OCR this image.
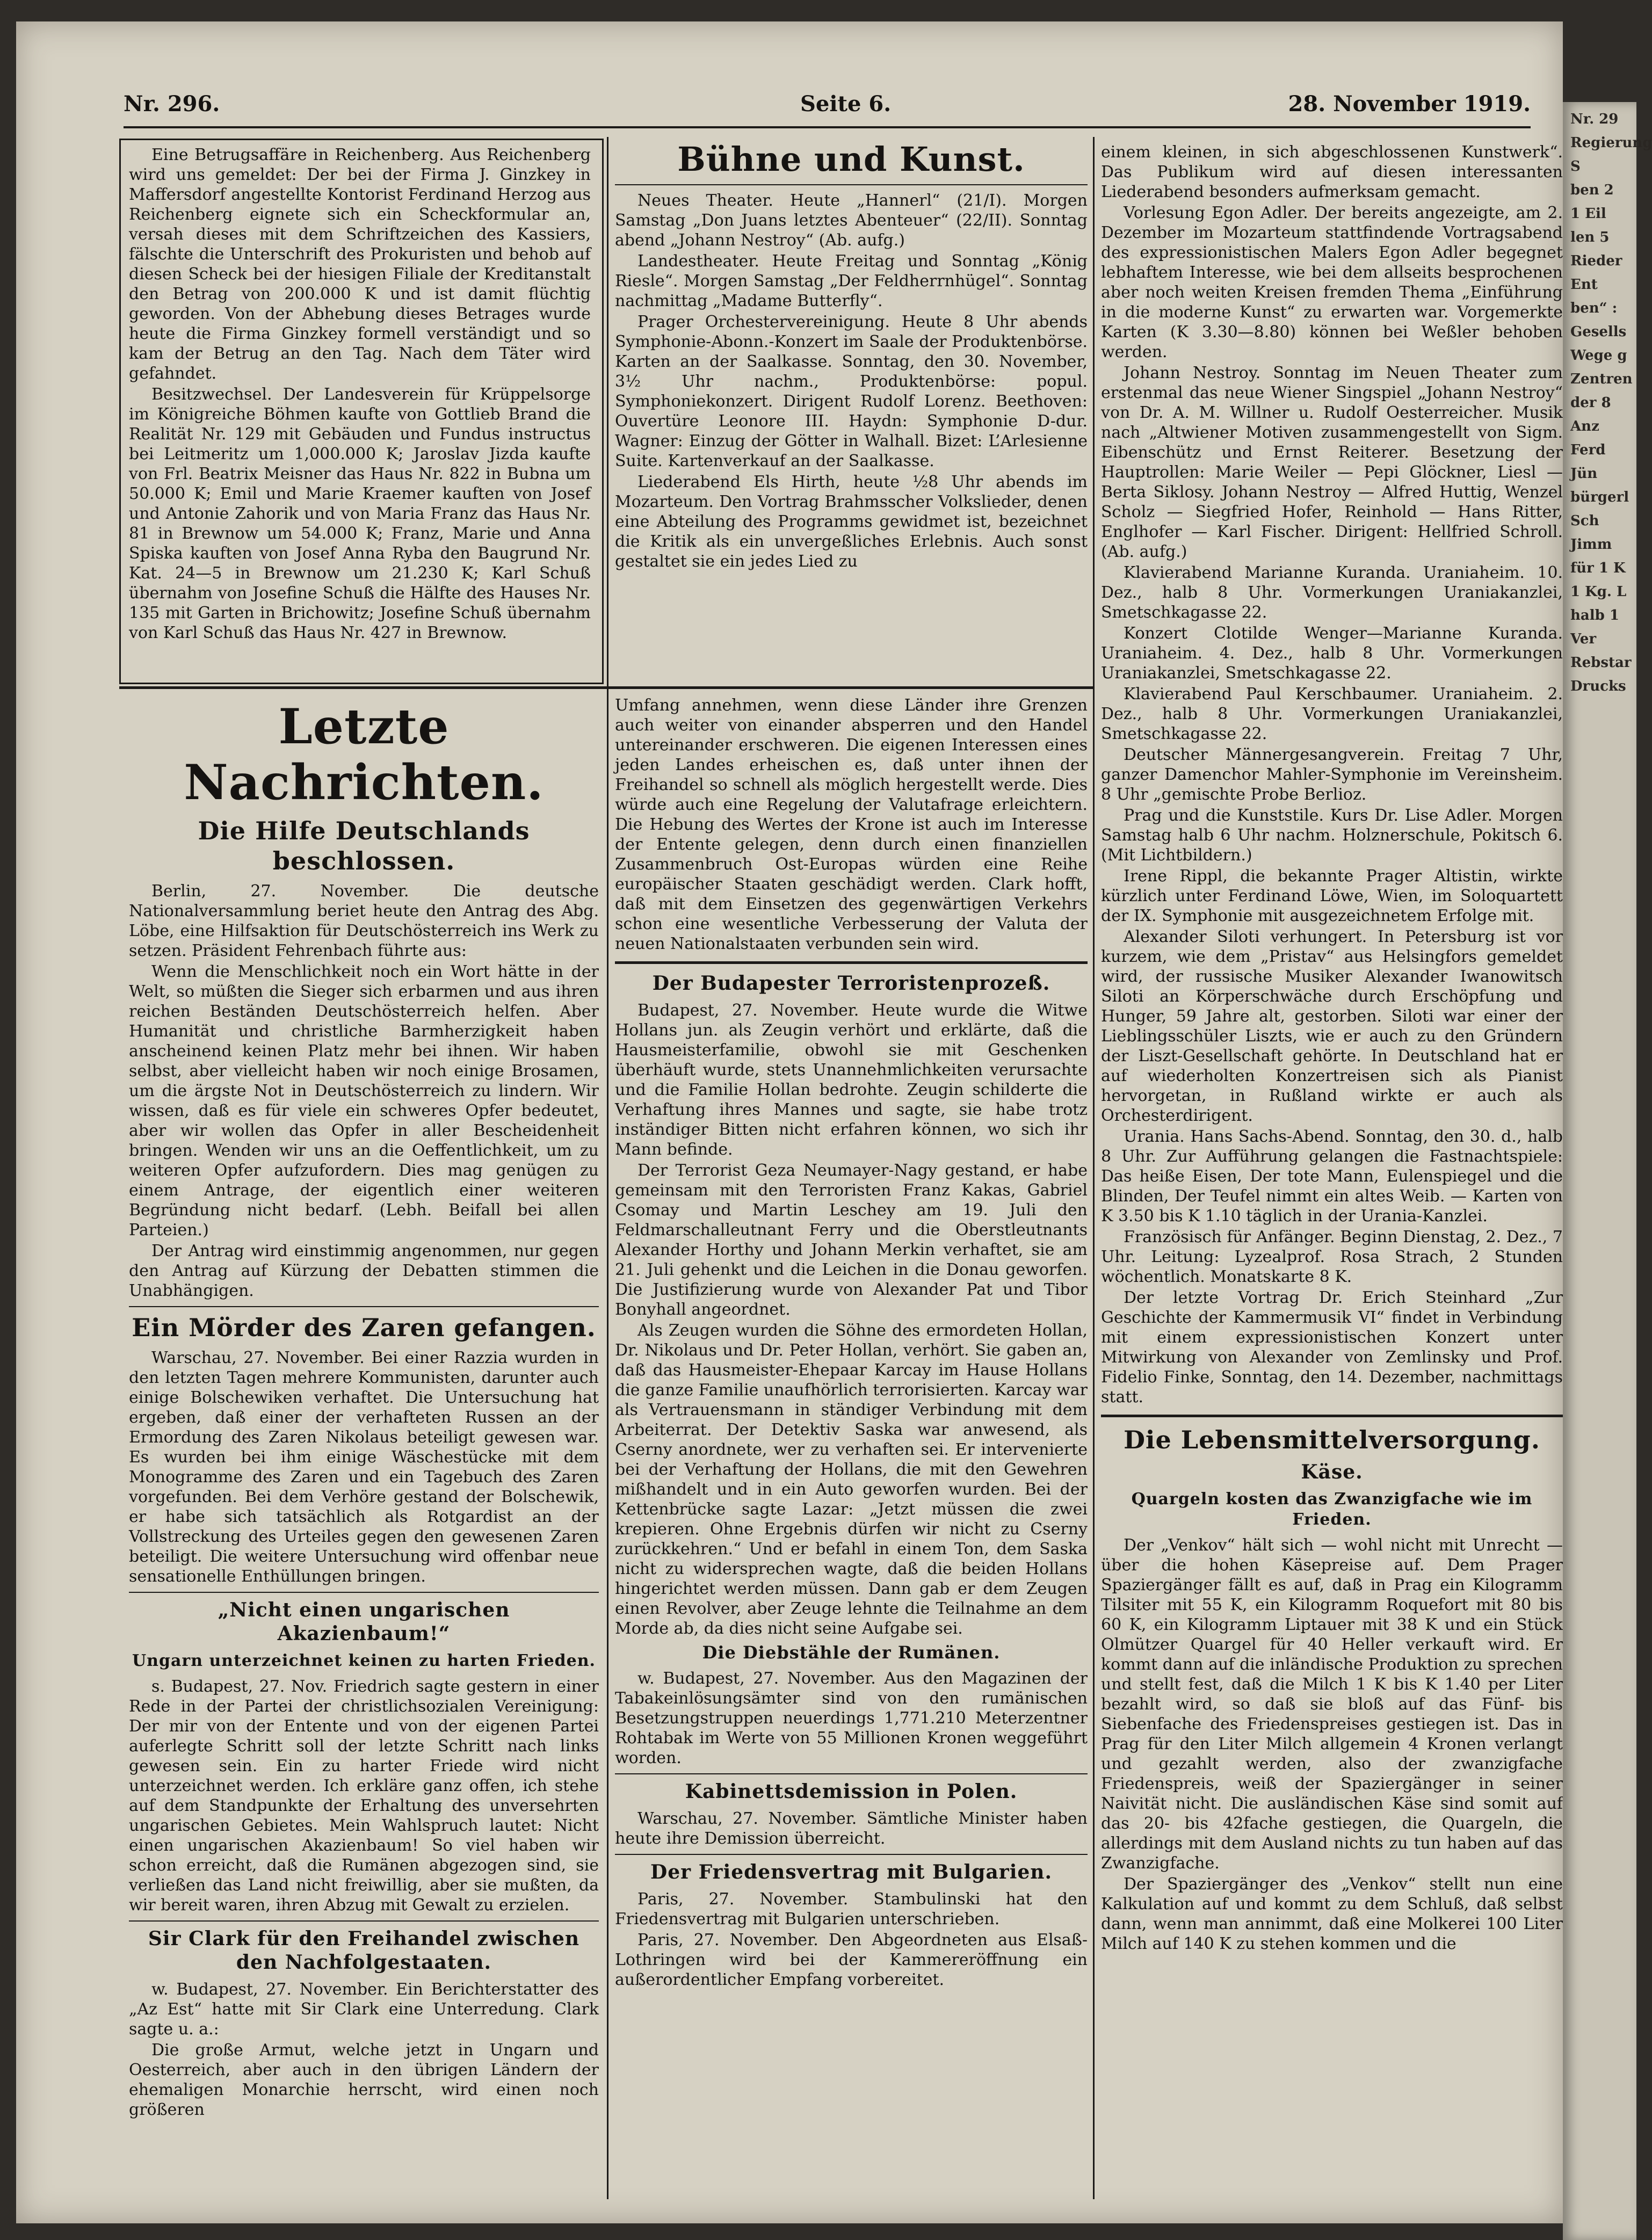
Nr. 296.	Seite 6.	28. November 1919.

Eine Betrugsaffäre in Reichenberg. Aus Reichenberg wird uns gemeldet: Der bei der Firma J. Ginzkey in Maffersdorf angestellte Kontorist Ferdinand Herzog aus Reichenberg eignete sich ein Scheckformular an, versah dieses mit dem Schriftzeichen des Kassiers, fälschte die Unterschrift des Prokuristen und behob auf diesen Scheck bei der hiesigen Filiale der Kreditanstalt den Betrag von 200.000 K und ist damit flüchtig geworden. Von der Abhebung dieses Betrages wurde heute die Firma Ginzkey formell verständigt und so kam der Betrug an den Tag. Nach dem Täter wird gefahndet.

Besitzwechsel. Der Landesverein für Krüppelsorge im Königreiche Böhmen kaufte von Gottlieb Brand die Realität Nr. 129 mit Gebäuden und Fundus instructus bei Leitmeritz um 1,000.000 K; Jaroslav Jizda kaufte von Frl. Beatrix Meisner das Haus Nr. 822 in Bubna um 50.000 K; Emil und Marie Kraemer kauften von Josef und Antonie Zahorik und von Maria Franz das Haus Nr. 81 in Brewnow um 54.000 K; Franz, Marie und Anna Spiska kauften von Josef Anna Ryba den Baugrund Nr. Kat. 24—5 in Brewnow um 21.230 K; Karl Schuß übernahm von Josefine Schuß die Hälfte des Hauses Nr. 135 mit Garten in Brichowitz; Josefine Schuß übernahm von Karl Schuß das Haus Nr. 427 in Brewnow.

Bühne und Kunst.

Neues Theater. Heute „Hannerl“ (21/I). Morgen Samstag „Don Juans letztes Abenteuer“ (22/II). Sonntag abend „Johann Nestroy“ (Ab. aufg.)

Landestheater. Heute Freitag und Sonntag „König Riesle“. Morgen Samstag „Der Feldherrnhügel“. Sonntag nachmittag „Madame Butterfly“.

Prager Orchestervereinigung. Heute 8 Uhr abends Symphonie-Abonn.-Konzert im Saale der Produktenbörse. Karten an der Saalkasse. Sonntag, den 30. November, 3½ Uhr nachm., Produktenbörse: popul. Symphoniekonzert. Dirigent Rudolf Lorenz. Beethoven: Ouvertüre Leonore III. Haydn: Symphonie D-dur. Wagner: Einzug der Götter in Walhall. Bizet: L’Arlesienne Suite. Kartenverkauf an der Saalkasse.

Liederabend Els Hirth, heute ½8 Uhr abends im Mozarteum. Den Vortrag Brahmsscher Volkslieder, denen eine Abteilung des Programms gewidmet ist, bezeichnet die Kritik als ein unvergeßliches Erlebnis. Auch sonst gestaltet sie ein jedes Lied zu

einem kleinen, in sich abgeschlossenen Kunstwerk“. Das Publikum wird auf diesen interessanten Liederabend besonders aufmerksam gemacht.

Vorlesung Egon Adler. Der bereits angezeigte, am 2. Dezember im Mozarteum stattfindende Vortragsabend des expressionistischen Malers Egon Adler begegnet lebhaftem Interesse, wie bei dem allseits besprochenen aber noch weiten Kreisen fremden Thema „Einführung in die moderne Kunst“ zu erwarten war. Vorgemerkte Karten (K 3.30—8.80) können bei Weßler behoben werden.

Johann Nestroy. Sonntag im Neuen Theater zum erstenmal das neue Wiener Singspiel „Johann Nestroy“ von Dr. A. M. Willner u. Rudolf Oesterreicher. Musik nach „Altwiener Motiven zusammengestellt von Sigm. Eibenschütz und Ernst Reiterer. Besetzung der Hauptrollen: Marie Weiler — Pepi Glöckner, Liesl — Berta Siklosy. Johann Nestroy — Alfred Huttig, Wenzel Scholz — Siegfried Hofer, Reinhold — Hans Ritter, Englhofer — Karl Fischer. Dirigent: Hellfried Schroll. (Ab. aufg.)

Klavierabend Marianne Kuranda. Uraniaheim. 10. Dez., halb 8 Uhr. Vormerkungen Uraniakanzlei, Smetschkagasse 22.

Konzert Clotilde Wenger—Marianne Kuranda. Uraniaheim. 4. Dez., halb 8 Uhr. Vormerkungen Uraniakanzlei, Smetschkagasse 22.

Klavierabend Paul Kerschbaumer. Uraniaheim. 2. Dez., halb 8 Uhr. Vormerkungen Uraniakanzlei, Smetschkagasse 22.

Deutscher Männergesangverein. Freitag 7 Uhr, ganzer Damenchor Mahler-Symphonie im Vereinsheim. 8 Uhr „gemischte Probe Berlioz.

Prag und die Kunststile. Kurs Dr. Lise Adler. Morgen Samstag halb 6 Uhr nachm. Holznerschule, Pokitsch 6. (Mit Lichtbildern.)

Irene Rippl, die bekannte Prager Altistin, wirkte kürzlich unter Ferdinand Löwe, Wien, im Soloquartett der IX. Symphonie mit ausgezeichnetem Erfolge mit.

Alexander Siloti verhungert. In Petersburg ist vor kurzem, wie dem „Pristav“ aus Helsingfors gemeldet wird, der russische Musiker Alexander Iwanowitsch Siloti an Körperschwäche durch Erschöpfung und Hunger, 59 Jahre alt, gestorben. Siloti war einer der Lieblingsschüler Liszts, wie er auch zu den Gründern der Liszt-Gesellschaft gehörte. In Deutschland hat er auf wiederholten Konzertreisen sich als Pianist hervorgetan, in Rußland wirkte er auch als Orchesterdirigent.

Urania. Hans Sachs-Abend. Sonntag, den 30. d., halb 8 Uhr. Zur Aufführung gelangen die Fastnachtspiele: Das heiße Eisen, Der tote Mann, Eulenspiegel und die Blinden, Der Teufel nimmt ein altes Weib. — Karten von K 3.50 bis K 1.10 täglich in der Urania-Kanzlei.

Französisch für Anfänger. Beginn Dienstag, 2. Dez., 7 Uhr. Leitung: Lyzealprof. Rosa Strach, 2 Stunden wöchentlich. Monatskarte 8 K.

Der letzte Vortrag Dr. Erich Steinhard „Zur Geschichte der Kammermusik VI“ findet in Verbindung mit einem expressionistischen Konzert unter Mitwirkung von Alexander von Zemlinsky und Prof. Fidelio Finke, Sonntag, den 14. Dezember, nachmittags statt.

Die Lebensmittelversorgung.
Käse.
Quargeln kosten das Zwanzigfache wie im Frieden.

Der „Venkov“ hält sich — wohl nicht mit Unrecht — über die hohen Käsepreise auf. Dem Prager Spaziergänger fällt es auf, daß in Prag ein Kilogramm Tilsiter mit 55 K, ein Kilogramm Roquefort mit 80 bis 60 K, ein Kilogramm Liptauer mit 38 K und ein Stück Olmützer Quargel für 40 Heller verkauft wird. Er kommt dann auf die inländische Produktion zu sprechen und stellt fest, daß die Milch 1 K bis K 1.40 per Liter bezahlt wird, so daß sie bloß auf das Fünf- bis Siebenfache des Friedenspreises gestiegen ist. Das in Prag für den Liter Milch allgemein 4 Kronen verlangt und gezahlt werden, also der zwanzigfache Friedenspreis, weiß der Spaziergänger in seiner Naivität nicht. Die ausländischen Käse sind somit auf das 20- bis 42fache gestiegen, die Quargeln, die allerdings mit dem Ausland nichts zu tun haben auf das Zwanzigfache.

Der Spaziergänger des „Venkov“ stellt nun eine Kalkulation auf und kommt zu dem Schluß, daß selbst dann, wenn man annimmt, daß eine Molkerei 100 Liter Milch auf 140 K zu stehen kommen und die

Letzte Nachrichten.
Die Hilfe Deutschlands beschlossen.

Berlin, 27. November. Die deutsche Nationalversammlung beriet heute den Antrag des Abg. Löbe, eine Hilfsaktion für Deutschösterreich ins Werk zu setzen. Präsident Fehrenbach führte aus:

Wenn die Menschlichkeit noch ein Wort hätte in der Welt, so müßten die Sieger sich erbarmen und aus ihren reichen Beständen Deutschösterreich helfen. Aber Humanität und christliche Barmherzigkeit haben anscheinend keinen Platz mehr bei ihnen. Wir haben selbst, aber vielleicht haben wir noch einige Brosamen, um die ärgste Not in Deutschösterreich zu lindern. Wir wissen, daß es für viele ein schweres Opfer bedeutet, aber wir wollen das Opfer in aller Bescheidenheit bringen. Wenden wir uns an die Oeffentlichkeit, um zu weiteren Opfer aufzufordern. Dies mag genügen zu einem Antrage, der eigentlich einer weiteren Begründung nicht bedarf. (Lebh. Beifall bei allen Parteien.)

Der Antrag wird einstimmig angenommen, nur gegen den Antrag auf Kürzung der Debatten stimmen die Unabhängigen.

Ein Mörder des Zaren gefangen.

Warschau, 27. November. Bei einer Razzia wurden in den letzten Tagen mehrere Kommunisten, darunter auch einige Bolschewiken verhaftet. Die Untersuchung hat ergeben, daß einer der verhafteten Russen an der Ermordung des Zaren Nikolaus beteiligt gewesen war. Es wurden bei ihm einige Wäschestücke mit dem Monogramme des Zaren und ein Tagebuch des Zaren vorgefunden. Bei dem Verhöre gestand der Bolschewik, er habe sich tatsächlich als Rotgardist an der Vollstreckung des Urteiles gegen den gewesenen Zaren beteiligt. Die weitere Untersuchung wird offenbar neue sensationelle Enthüllungen bringen.

„Nicht einen ungarischen Akazienbaum!“
Ungarn unterzeichnet keinen zu harten Frieden.

s. Budapest, 27. Nov. Friedrich sagte gestern in einer Rede in der Partei der christlichsozialen Vereinigung: Der mir von der Entente und von der eigenen Partei auferlegte Schritt soll der letzte Schritt nach links gewesen sein. Ein zu harter Friede wird nicht unterzeichnet werden. Ich erkläre ganz offen, ich stehe auf dem Standpunkte der Erhaltung des unversehrten ungarischen Gebietes. Mein Wahlspruch lautet: Nicht einen ungarischen Akazienbaum! So viel haben wir schon erreicht, daß die Rumänen abgezogen sind, sie verließen das Land nicht freiwillig, aber sie mußten, da wir bereit waren, ihren Abzug mit Gewalt zu erzielen.

Sir Clark für den Freihandel zwischen den Nachfolgestaaten.

w. Budapest, 27. November. Ein Berichterstatter des „Az Est“ hatte mit Sir Clark eine Unterredung. Clark sagte u. a.:

Die große Armut, welche jetzt in Ungarn und Oesterreich, aber auch in den übrigen Ländern der ehemaligen Monarchie herrscht, wird einen noch größeren

Umfang annehmen, wenn diese Länder ihre Grenzen auch weiter von einander absperren und den Handel untereinander erschweren. Die eigenen Interessen eines jeden Landes erheischen es, daß unter ihnen der Freihandel so schnell als möglich hergestellt werde. Dies würde auch eine Regelung der Valutafrage erleichtern. Die Hebung des Wertes der Krone ist auch im Interesse der Entente gelegen, denn durch einen finanziellen Zusammenbruch Ost-Europas würden eine Reihe europäischer Staaten geschädigt werden. Clark hofft, daß mit dem Einsetzen des gegenwärtigen Verkehrs schon eine wesentliche Verbesserung der Valuta der neuen Nationalstaaten verbunden sein wird.

Der Budapester Terroristenprozeß.

Budapest, 27. November. Heute wurde die Witwe Hollans jun. als Zeugin verhört und erklärte, daß die Hausmeisterfamilie, obwohl sie mit Geschenken überhäuft wurde, stets Unannehmlichkeiten verursachte und die Familie Hollan bedrohte. Zeugin schilderte die Verhaftung ihres Mannes und sagte, sie habe trotz inständiger Bitten nicht erfahren können, wo sich ihr Mann befinde.

Der Terrorist Geza Neumayer-Nagy gestand, er habe gemeinsam mit den Terroristen Franz Kakas, Gabriel Csomay und Martin Leschey am 19. Juli den Feldmarschalleutnant Ferry und die Oberstleutnants Alexander Horthy und Johann Merkin verhaftet, sie am 21. Juli gehenkt und die Leichen in die Donau geworfen. Die Justifizierung wurde von Alexander Pat und Tibor Bonyhall angeordnet.

Als Zeugen wurden die Söhne des ermordeten Hollan, Dr. Nikolaus und Dr. Peter Hollan, verhört. Sie gaben an, daß das Hausmeister-Ehepaar Karcay im Hause Hollans die ganze Familie unaufhörlich terrorisierten. Karcay war als Vertrauensmann in ständiger Verbindung mit dem Arbeiterrat. Der Detektiv Saska war anwesend, als Cserny anordnete, wer zu verhaften sei. Er intervenierte bei der Verhaftung der Hollans, die mit den Gewehren mißhandelt und in ein Auto geworfen wurden. Bei der Kettenbrücke sagte Lazar: „Jetzt müssen die zwei krepieren. Ohne Ergebnis dürfen wir nicht zu Cserny zurückkehren.“ Und er befahl in einem Ton, dem Saska nicht zu widersprechen wagte, daß die beiden Hollans hingerichtet werden müssen. Dann gab er dem Zeugen einen Revolver, aber Zeuge lehnte die Teilnahme an dem Morde ab, da dies nicht seine Aufgabe sei.

Die Diebstähle der Rumänen.

w. Budapest, 27. November. Aus den Magazinen der Tabakeinlösungsämter sind von den rumänischen Besetzungstruppen neuerdings 1,771.210 Meterzentner Rohtabak im Werte von 55 Millionen Kronen weggeführt worden.

Kabinettsdemission in Polen.

Warschau, 27. November. Sämtliche Minister haben heute ihre Demission überreicht.

Der Friedensvertrag mit Bulgarien.

Paris, 27. November. Stambulinski hat den Friedensvertrag mit Bulgarien unterschrieben.

Paris, 27. November. Den Abgeordneten aus Elsaß-Lothringen wird bei der Kammereröffnung ein außerordentlicher Empfang vorbereitet.

Nr. 29
Regierung
S
ben 2
1 Eil
len 5
Rieder
Ent
ben“ :
Gesells
Wege g
Zentren
der 8
Anz
Ferd
Jün
bürgerl
Sch
Jimm
für 1 K
1 Kg. L
halb 1
Ver
Rebstar
Drucks
